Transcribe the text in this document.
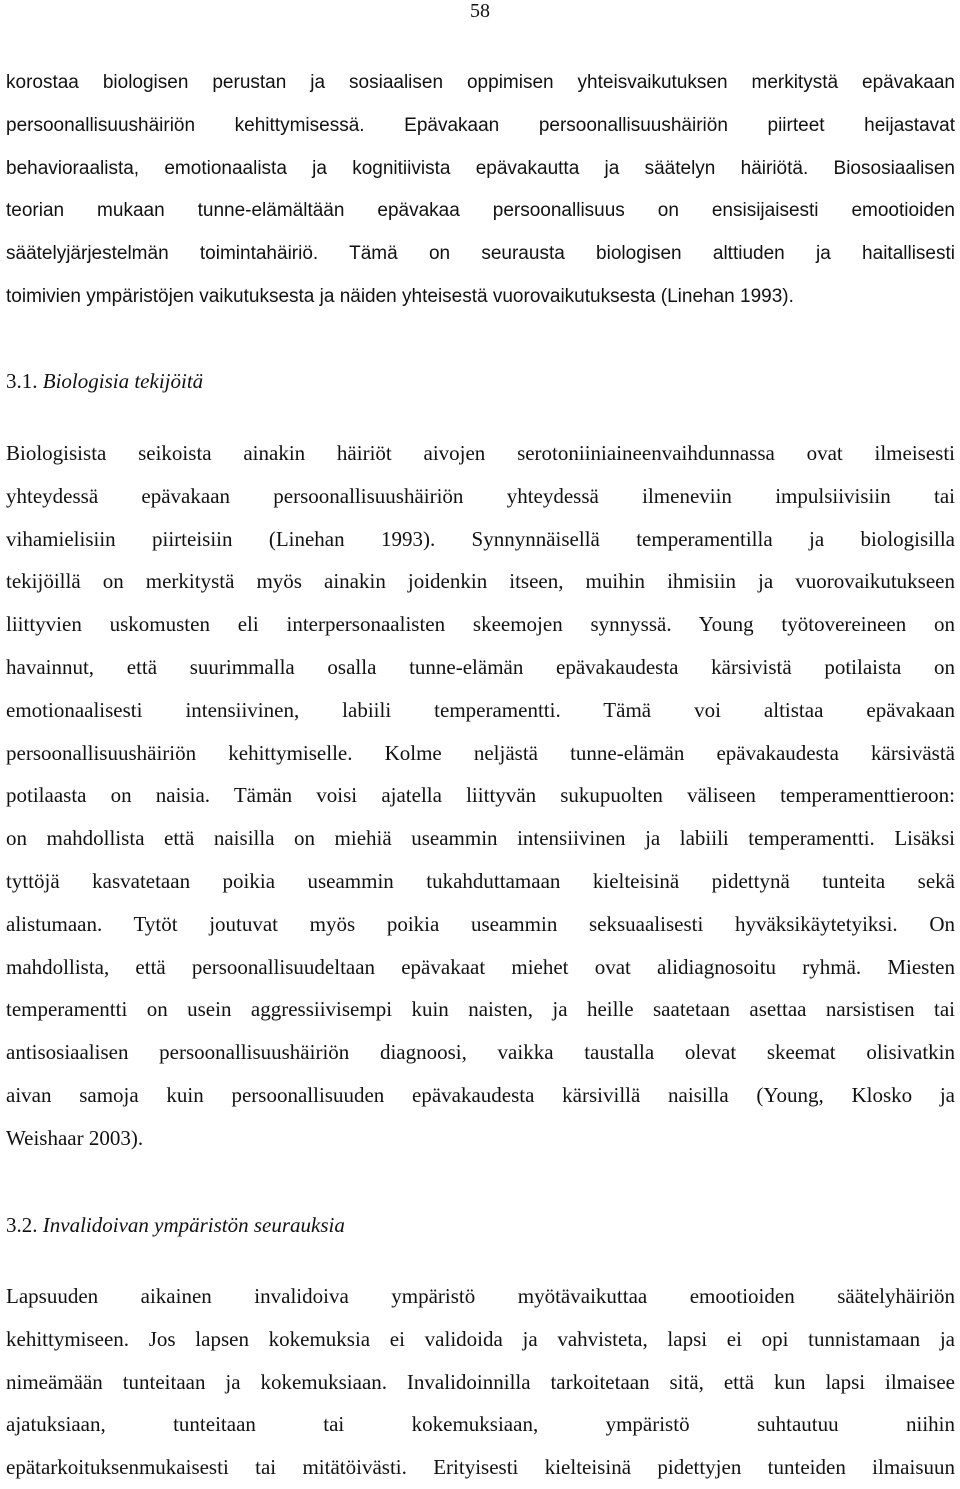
58

korostaa biologisen perustan ja sosiaalisen oppimisen yhteisvaikutuksen merkitystä epävakaan
persoonallisuushäiriön kehittymisessä. Epävakaan persoonallisuushäiriön piirteet heijastavat
behavioraalista, emotionaalista ja kognitiivista epävakautta ja säätelyn häiriötä. Biososiaalisen
teorian mukaan tunne-elämältään epävakaa persoonallisuus on ensisijaisesti emootioiden
säätelyjärjestelmän toimintahäiriö. Tämä on seurausta biologisen alttiuden ja haitallisesti
toimivien ympäristöjen vaikutuksesta ja näiden yhteisestä vuorovaikutuksesta (Linehan 1993).

3.1. Biologisia tekijöitä

Biologisista seikoista ainakin häiriöt aivojen serotoniiniaineenvaihdunnassa ovat ilmeisesti
yhteydessä epävakaan persoonallisuushäiriön yhteydessä ilmeneviin impulsiivisiin tai
vihamielisiin piirteisiin (Linehan 1993). Synnynnäisellä temperamentilla ja biologisilla
tekijöillä on merkitystä myös ainakin joidenkin itseen, muihin ihmisiin ja vuorovaikutukseen
liittyvien uskomusten eli interpersonaalisten skeemojen synnyssä. Young työtovereineen on
havainnut, että suurimmalla osalla tunne-elämän epävakaudesta kärsivistä potilaista on
emotionaalisesti intensiivinen, labiili temperamentti. Tämä voi altistaa epävakaan
persoonallisuushäiriön kehittymiselle. Kolme neljästä tunne-elämän epävakaudesta kärsivästä
potilaasta on naisia. Tämän voisi ajatella liittyvän sukupuolten väliseen temperamenttieroon:
on mahdollista että naisilla on miehiä useammin intensiivinen ja labiili temperamentti. Lisäksi
tyttöjä kasvatetaan poikia useammin tukahduttamaan kielteisinä pidettynä tunteita sekä
alistumaan. Tytöt joutuvat myös poikia useammin seksuaalisesti hyväksikäytetyiksi. On
mahdollista, että persoonallisuudeltaan epävakaat miehet ovat alidiagnosoitu ryhmä. Miesten
temperamentti on usein aggressiivisempi kuin naisten, ja heille saatetaan asettaa narsistisen tai
antisosiaalisen persoonallisuushäiriön diagnoosi, vaikka taustalla olevat skeemat olisivatkin
aivan samoja kuin persoonallisuuden epävakaudesta kärsivillä naisilla (Young, Klosko ja
Weishaar 2003).

3.2. Invalidoivan ympäristön seurauksia

Lapsuuden aikainen invalidoiva ympäristö myötävaikuttaa emootioiden säätelyhäiriön
kehittymiseen. Jos lapsen kokemuksia ei validoida ja vahvisteta, lapsi ei opi tunnistamaan ja
nimeämään tunteitaan ja kokemuksiaan. Invalidoinnilla tarkoitetaan sitä, että kun lapsi ilmaisee
ajatuksiaan, tunteitaan tai kokemuksiaan, ympäristö suhtautuu niihin
epätarkoituksenmukaisesti tai mitätöivästi. Erityisesti kielteisinä pidettyjen tunteiden ilmaisuun
